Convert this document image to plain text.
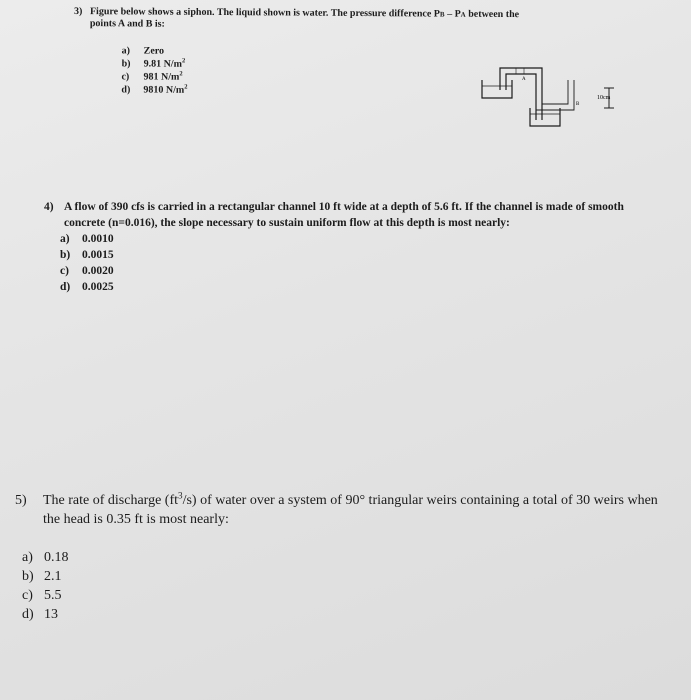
3) Figure below shows a siphon. The liquid shown is water. The pressure difference PB – PA between the
points A and B is:
a) Zero
b) 9.81 $N/m^2$
c) 981 $N/m^2$
d) 9810 $N/m^2$
A
B
10cm
4) A flow of 390 cfs is carried in a rectangular channel 10 ft wide at a depth of 5.6 ft. If the channel is made of smooth concrete (n=0.016), the slope necessary to sustain uniform flow at this depth is most nearly:
a) 0.0010
b) 0.0015
c) 0.0020
d) 0.0025
5) The rate of discharge $(ft^3/s)$ of water over a system of 90° triangular weirs containing a total of 30 weirs when the head is 0.35 ft is most nearly:
a) 0.18
b) 2.1
c) 5.5
d) 13
